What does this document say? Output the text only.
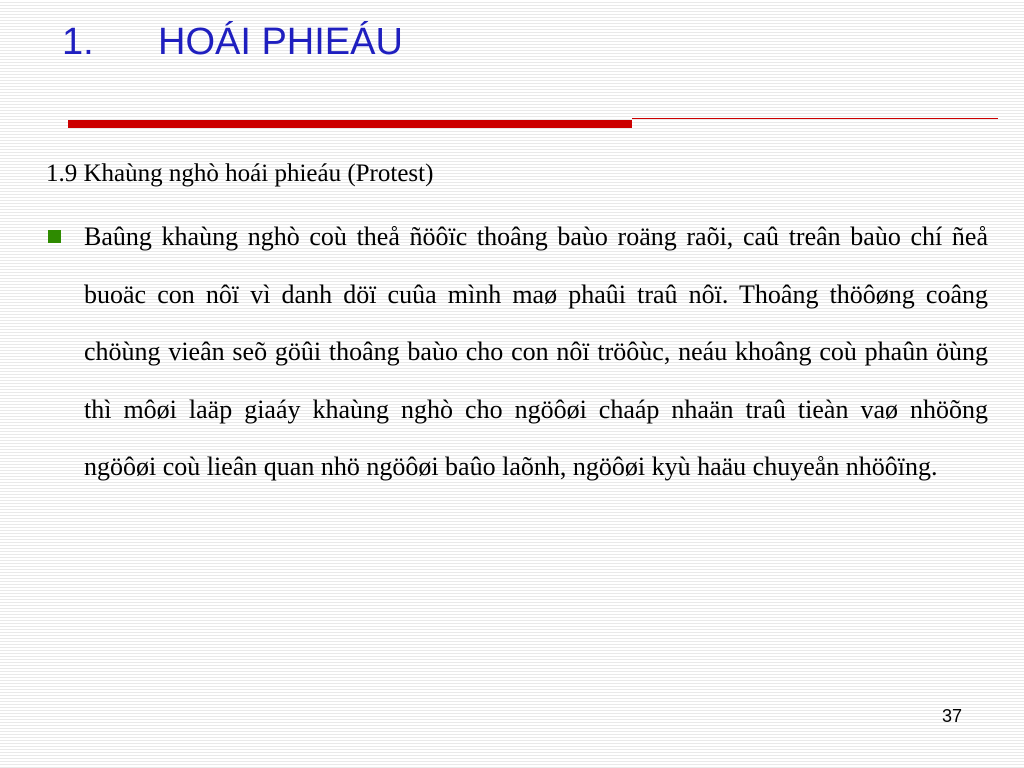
1. HOÁI PHIEÁU
1.9 Khaùng nghò hoái phieáu (Protest)

Baûng khaùng nghò coù theå ñöôïc thoâng baùo roäng raõi, caû treân baùo chí ñeå buoäc con nôï vì danh döï cuûa mình maø phaûi traû nôï. Thoâng thöôøng coâng chöùng vieân seõ göûi thoâng baùo cho con nôï tröôùc, neáu khoâng coù phaûn öùng thì môøi laäp giaáy khaùng nghò cho ngöôøi chaáp nhaän traû tieàn vaø nhöõng ngöôøi coù lieân quan nhö ngöôøi baûo laõnh, ngöôøi kyù haäu chuyeån nhöôïng.

37
